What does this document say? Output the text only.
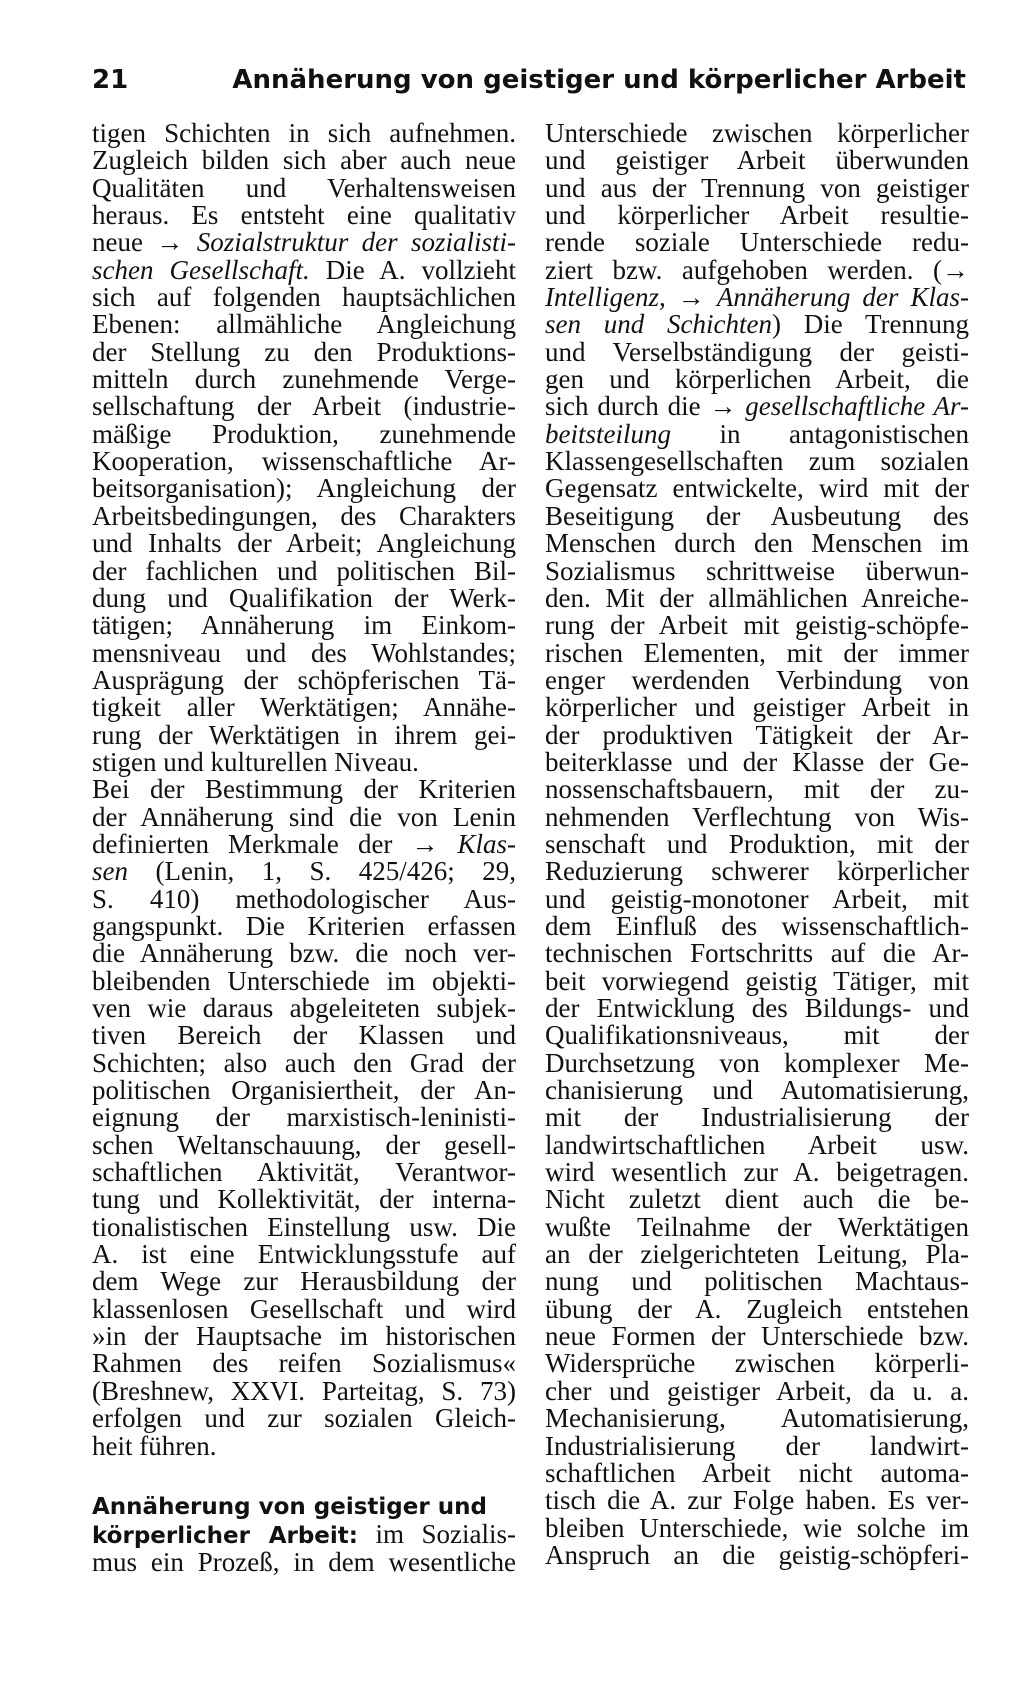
21	Annäherung von geistiger und körperlicher Arbeit
tigen Schichten in sich aufnehmen.
Zugleich bilden sich aber auch neue
Qualitäten und Verhaltensweisen
heraus. Es entsteht eine qualitativ
neue → Sozialstruktur der sozialisti-
schen Gesellschaft. Die A. vollzieht
sich auf folgenden hauptsächlichen
Ebenen: allmähliche Angleichung
der Stellung zu den Produktions-
mitteln durch zunehmende Verge-
sellschaftung der Arbeit (industrie-
mäßige Produktion, zunehmende
Kooperation, wissenschaftliche Ar-
beitsorganisation); Angleichung der
Arbeitsbedingungen, des Charakters
und Inhalts der Arbeit; Angleichung
der fachlichen und politischen Bil-
dung und Qualifikation der Werk-
tätigen; Annäherung im Einkom-
mensniveau und des Wohlstandes;
Ausprägung der schöpferischen Tä-
tigkeit aller Werktätigen; Annähe-
rung der Werktätigen in ihrem gei-
stigen und kulturellen Niveau.
Bei der Bestimmung der Kriterien
der Annäherung sind die von Lenin
definierten Merkmale der → Klas-
sen (Lenin, 1, S. 425/426; 29,
S. 410) methodologischer Aus-
gangspunkt. Die Kriterien erfassen
die Annäherung bzw. die noch ver-
bleibenden Unterschiede im objekti-
ven wie daraus abgeleiteten subjek-
tiven Bereich der Klassen und
Schichten; also auch den Grad der
politischen Organisiertheit, der An-
eignung der marxistisch-leninisti-
schen Weltanschauung, der gesell-
schaftlichen Aktivität, Verantwor-
tung und Kollektivität, der interna-
tionalistischen Einstellung usw. Die
A. ist eine Entwicklungsstufe auf
dem Wege zur Herausbildung der
klassenlosen Gesellschaft und wird
»in der Hauptsache im historischen
Rahmen des reifen Sozialismus«
(Breshnew, XXVI. Parteitag, S. 73)
erfolgen und zur sozialen Gleich-
heit führen.
Annäherung von geistiger und
körperlicher Arbeit: im Sozialis-
mus ein Prozeß, in dem wesentliche
Unterschiede zwischen körperlicher
und geistiger Arbeit überwunden
und aus der Trennung von geistiger
und körperlicher Arbeit resultie-
rende soziale Unterschiede redu-
ziert bzw. aufgehoben werden. (→
Intelligenz, → Annäherung der Klas-
sen und Schichten) Die Trennung
und Verselbständigung der geisti-
gen und körperlichen Arbeit, die
sich durch die → gesellschaftliche Ar-
beitsteilung in antagonistischen
Klassengesellschaften zum sozialen
Gegensatz entwickelte, wird mit der
Beseitigung der Ausbeutung des
Menschen durch den Menschen im
Sozialismus schrittweise überwun-
den. Mit der allmählichen Anreiche-
rung der Arbeit mit geistig-schöpfe-
rischen Elementen, mit der immer
enger werdenden Verbindung von
körperlicher und geistiger Arbeit in
der produktiven Tätigkeit der Ar-
beiterklasse und der Klasse der Ge-
nossenschaftsbauern, mit der zu-
nehmenden Verflechtung von Wis-
senschaft und Produktion, mit der
Reduzierung schwerer körperlicher
und geistig-monotoner Arbeit, mit
dem Einfluß des wissenschaftlich-
technischen Fortschritts auf die Ar-
beit vorwiegend geistig Tätiger, mit
der Entwicklung des Bildungs- und
Qualifikationsniveaus, mit der
Durchsetzung von komplexer Me-
chanisierung und Automatisierung,
mit der Industrialisierung der
landwirtschaftlichen Arbeit usw.
wird wesentlich zur A. beigetragen.
Nicht zuletzt dient auch die be-
wußte Teilnahme der Werktätigen
an der zielgerichteten Leitung, Pla-
nung und politischen Machtaus-
übung der A. Zugleich entstehen
neue Formen der Unterschiede bzw.
Widersprüche zwischen körperli-
cher und geistiger Arbeit, da u. a.
Mechanisierung, Automatisierung,
Industrialisierung der landwirt-
schaftlichen Arbeit nicht automa-
tisch die A. zur Folge haben. Es ver-
bleiben Unterschiede, wie solche im
Anspruch an die geistig-schöpferi-
